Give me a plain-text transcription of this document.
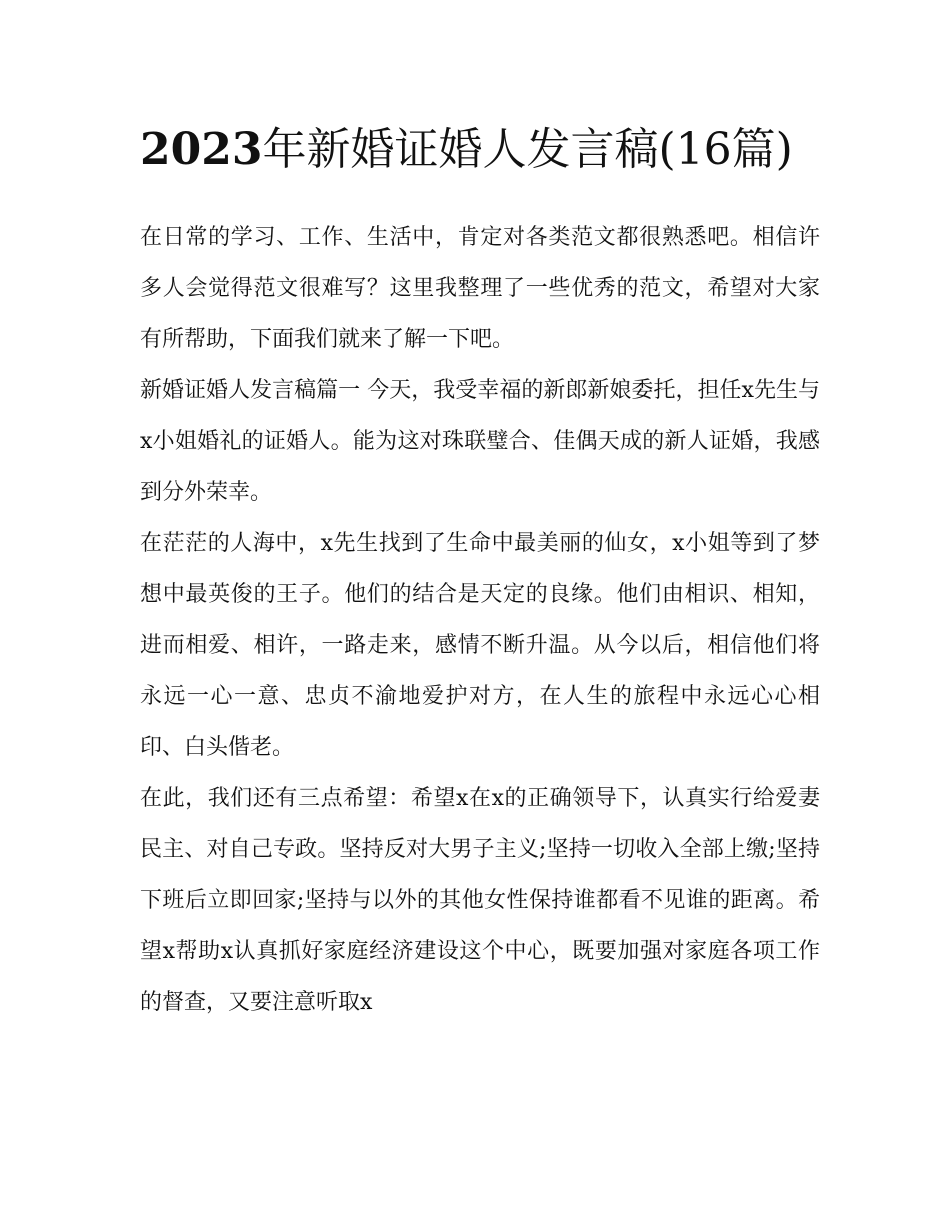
2023年新婚证婚人发言稿(16篇)

在日常的学习、工作、生活中，肯定对各类范文都很熟悉吧。相信许多人会觉得范文很难写？这里我整理了一些优秀的范文，希望对大家有所帮助，下面我们就来了解一下吧。

新婚证婚人发言稿篇一 今天，我受幸福的新郎新娘委托，担任x先生与x小姐婚礼的证婚人。能为这对珠联璧合、佳偶天成的新人证婚，我感到分外荣幸。

在茫茫的人海中，x先生找到了生命中最美丽的仙女，x小姐等到了梦想中最英俊的王子。他们的结合是天定的良缘。他们由相识、相知，进而相爱、相许，一路走来，感情不断升温。从今以后，相信他们将永远一心一意、忠贞不渝地爱护对方，在人生的旅程中永远心心相印、白头偕老。

在此，我们还有三点希望：希望x在x的正确领导下，认真实行给爱妻民主、对自己专政。坚持反对大男子主义;坚持一切收入全部上缴;坚持下班后立即回家;坚持与以外的其他女性保持谁都看不见谁的距离。希望x帮助x认真抓好家庭经济建设这个中心，既要加强对家庭各项工作的督查，又要注意听取x
